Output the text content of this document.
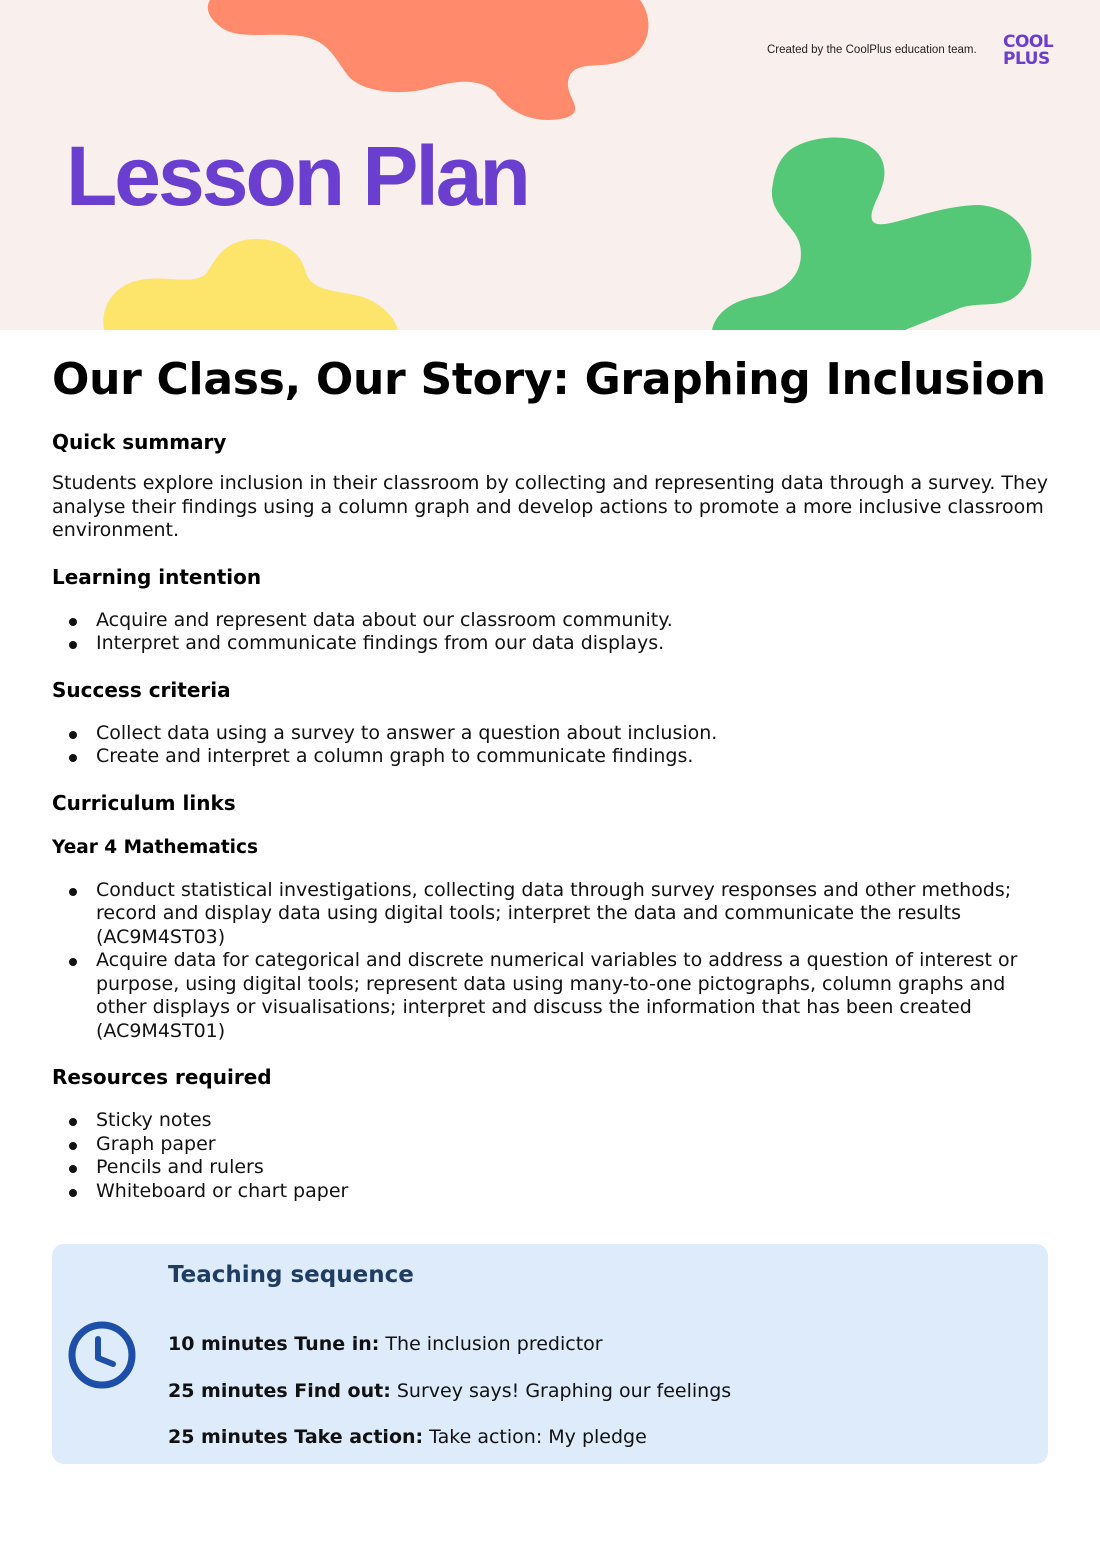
Created by the CoolPlus education team. COOL
PLUS
Lesson Plan
Our Class, Our Story: Graphing Inclusion
Quick summary

Students explore inclusion in their classroom by collecting and representing data through a survey. They analyse their findings using a column graph and develop actions to promote a more inclusive classroom environment.

Learning intention
Acquire and represent data about our classroom community.
Interpret and communicate findings from our data displays.
Success criteria
Collect data using a survey to answer a question about inclusion.
Create and interpret a column graph to communicate findings.
Curriculum links
Year 4 Mathematics
Conduct statistical investigations, collecting data through survey responses and other methods; record and display data using digital tools; interpret the data and communicate the results (AC9M4ST03)
Acquire data for categorical and discrete numerical variables to address a question of interest or purpose, using digital tools; represent data using many-to-one pictographs, column graphs and other displays or visualisations; interpret and discuss the information that has been created (AC9M4ST01)
Resources required
Sticky notes
Graph paper
Pencils and rulers
Whiteboard or chart paper
Teaching sequence
10 minutes Tune in: The inclusion predictor
25 minutes Find out: Survey says! Graphing our feelings
25 minutes Take action: Take action: My pledge
